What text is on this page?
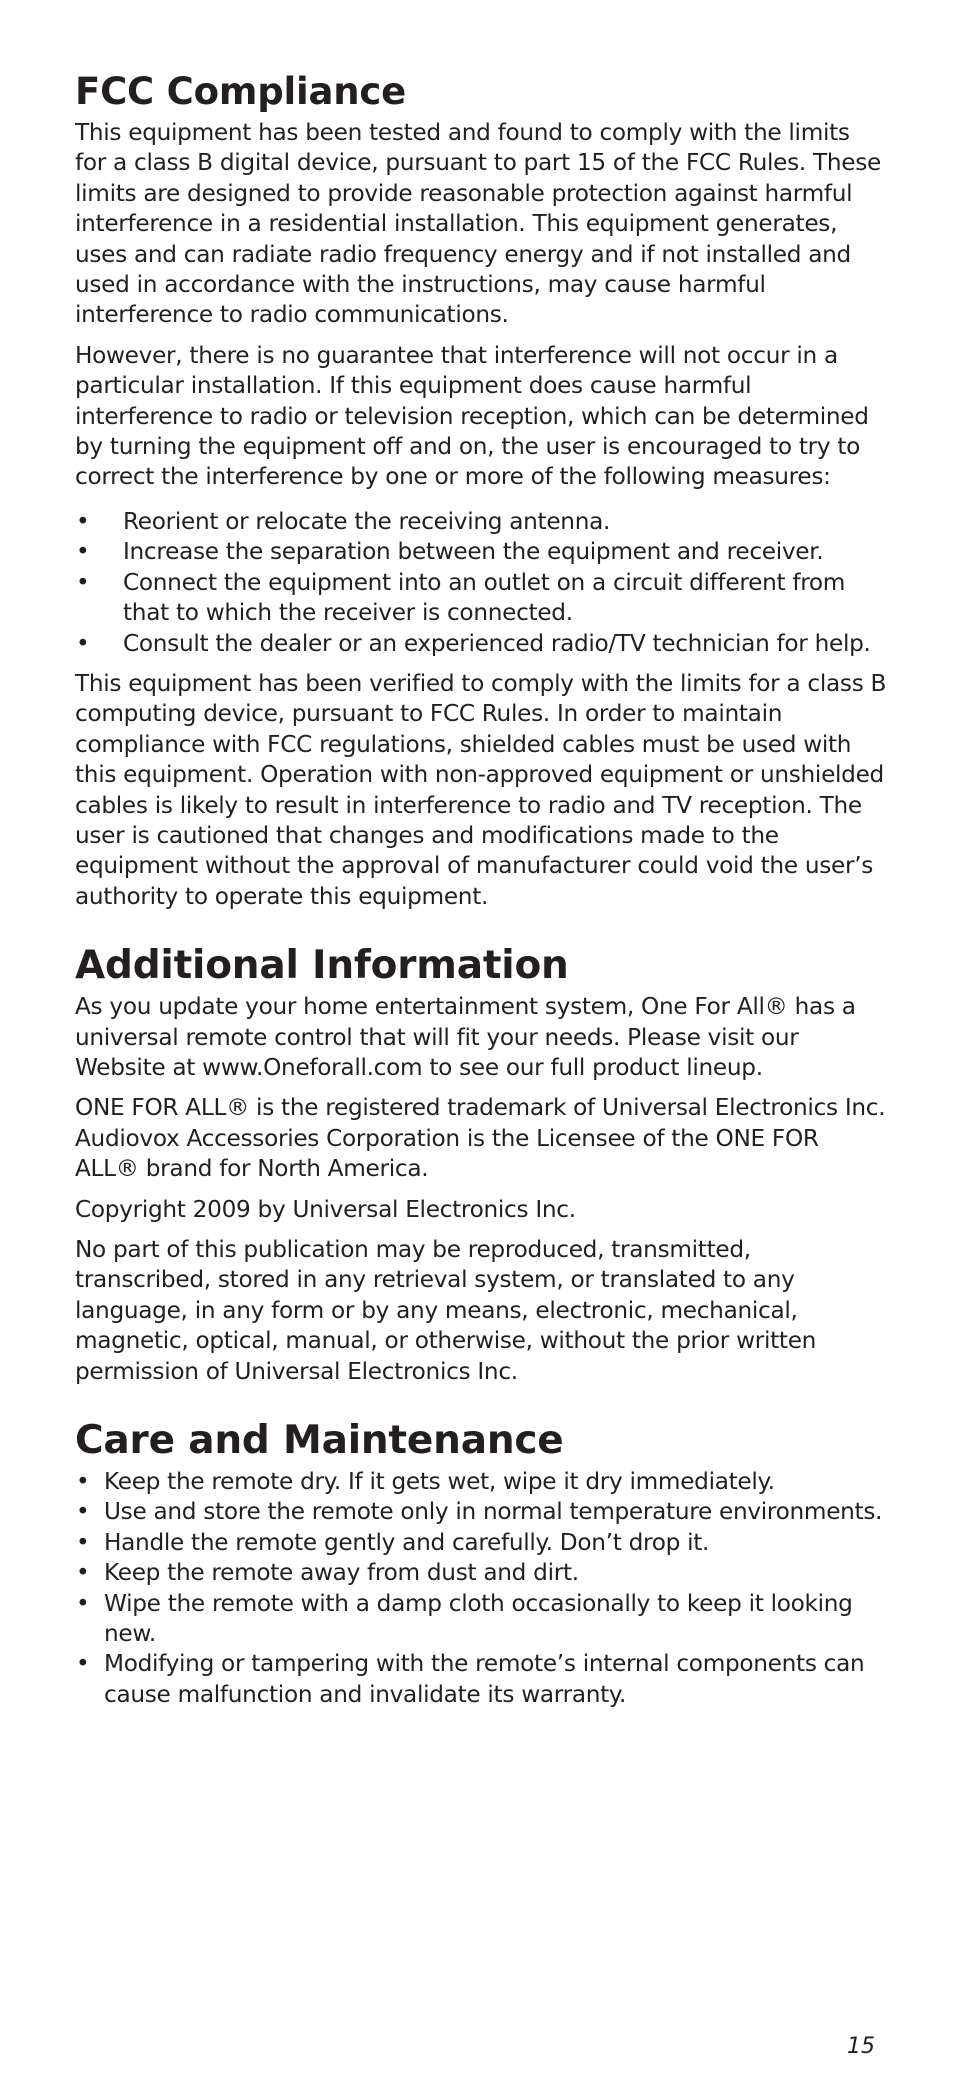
FCC Compliance

This equipment has been tested and found to comply with the limits for a class B digital device, pursuant to part 15 of the FCC Rules. These limits are designed to provide reasonable protection against harmful interference in a residential installation. This equipment generates, uses and can radiate radio frequency energy and if not installed and used in accordance with the instructions, may cause harmful interference to radio communications.

However, there is no guarantee that interference will not occur in a particular installation. If this equipment does cause harmful interference to radio or television reception, which can be determined by turning the equipment off and on, the user is encouraged to try to correct the interference by one or more of the following measures:

• Reorient or relocate the receiving antenna.
• Increase the separation between the equipment and receiver.
• Connect the equipment into an outlet on a circuit different from that to which the receiver is connected.
• Consult the dealer or an experienced radio/TV technician for help.

This equipment has been verified to comply with the limits for a class B computing device, pursuant to FCC Rules. In order to maintain compliance with FCC regulations, shielded cables must be used with this equipment. Operation with non-approved equipment or unshielded cables is likely to result in interference to radio and TV reception. The user is cautioned that changes and modifications made to the equipment without the approval of manufacturer could void the user’s authority to operate this equipment.

Additional Information

As you update your home entertainment system, One For All® has a universal remote control that will fit your needs. Please visit our Website at www.Oneforall.com to see our full product lineup.

ONE FOR ALL® is the registered trademark of Universal Electronics Inc. Audiovox Accessories Corporation is the Licensee of the ONE FOR ALL® brand for North America.

Copyright 2009 by Universal Electronics Inc.

No part of this publication may be reproduced, transmitted, transcribed, stored in any retrieval system, or translated to any language, in any form or by any means, electronic, mechanical, magnetic, optical, manual, or otherwise, without the prior written permission of Universal Electronics Inc.

Care and Maintenance
• Keep the remote dry. If it gets wet, wipe it dry immediately.
• Use and store the remote only in normal temperature environments.
• Handle the remote gently and carefully. Don’t drop it.
• Keep the remote away from dust and dirt.
• Wipe the remote with a damp cloth occasionally to keep it looking new.
• Modifying or tampering with the remote’s internal components can cause malfunction and invalidate its warranty.
15
